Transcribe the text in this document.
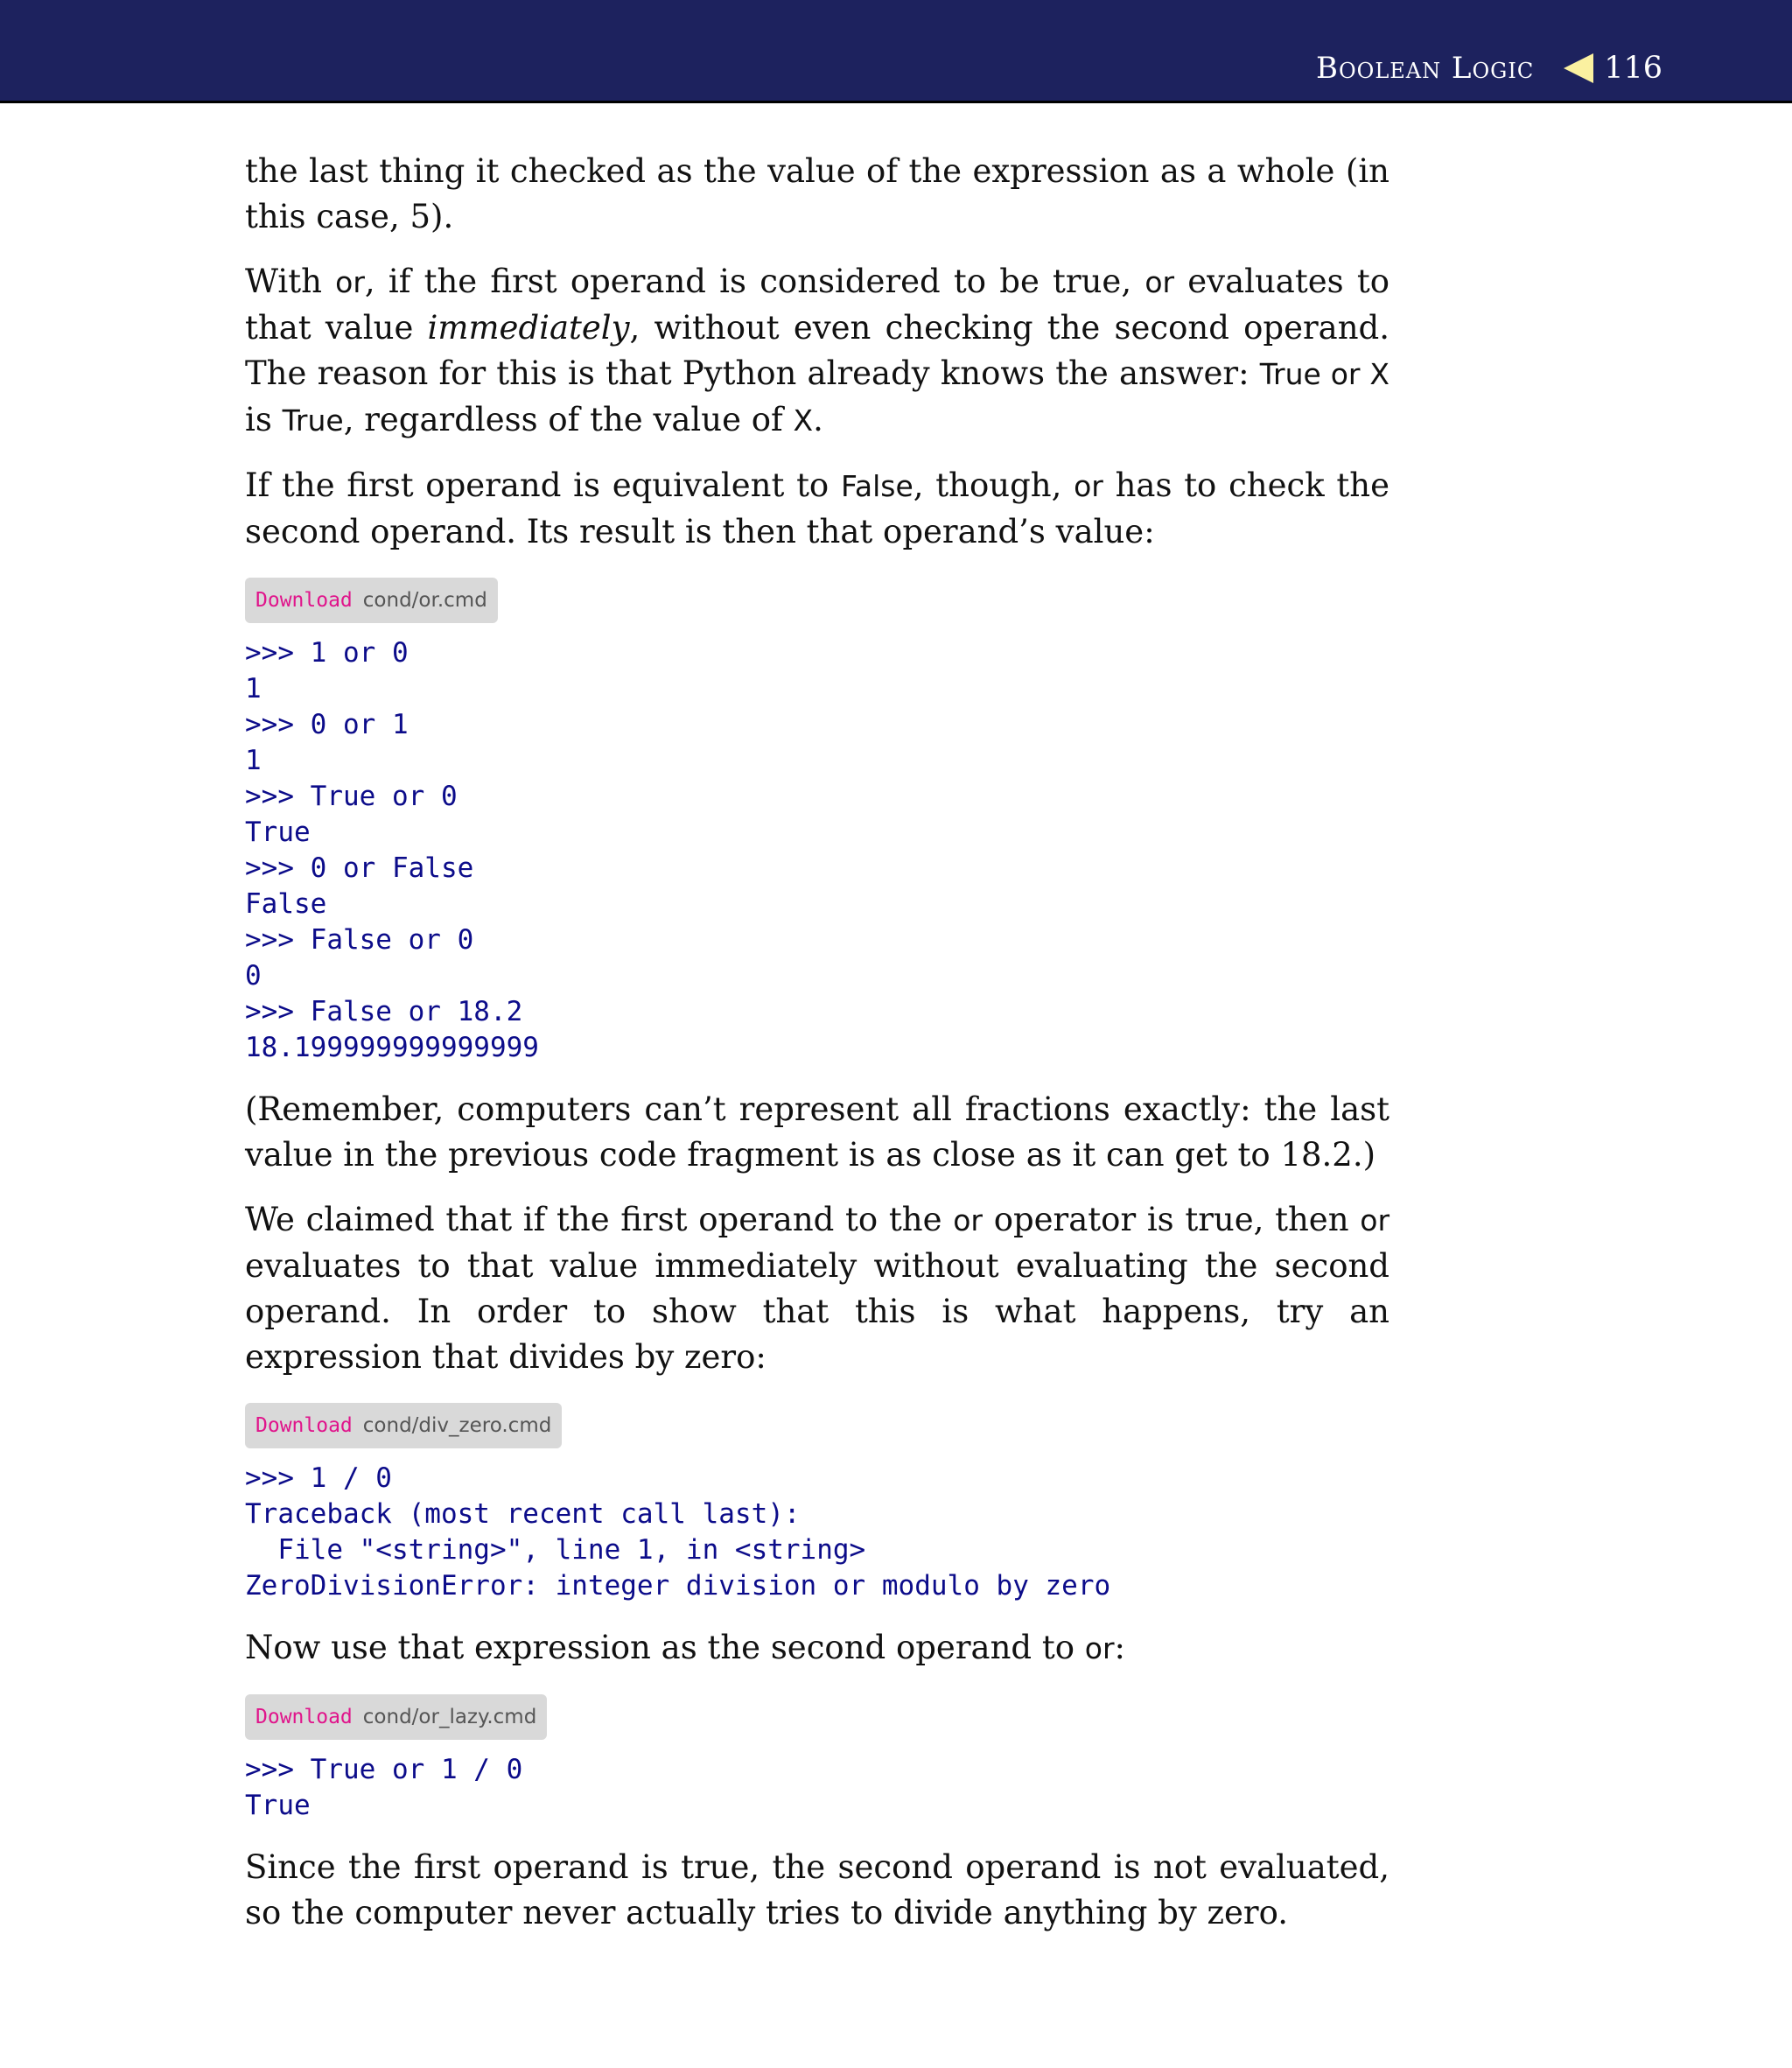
Boolean Logic 116

the last thing it checked as the value of the expression as a whole (in this case, 5).

With or, if the first operand is considered to be true, or evaluates to that value immediately, without even checking the second operand. The reason for this is that Python already knows the answer: True or X is True, regardless of the value of X.

If the first operand is equivalent to False, though, or has to check the second operand. Its result is then that operand’s value:

Download cond/or.cmd
>>> 1 or 0
1
>>> 0 or 1
1
>>> True or 0
True
>>> 0 or False
False
>>> False or 0
0
>>> False or 18.2
18.199999999999999

(Remember, computers can’t represent all fractions exactly: the last value in the previous code fragment is as close as it can get to 18.2.)

We claimed that if the first operand to the or operator is true, then or evaluates to that value immediately without evaluating the second operand. In order to show that this is what happens, try an expression that divides by zero:

Download cond/div_zero.cmd
>>> 1 / 0
Traceback (most recent call last):
File "<string>", line 1, in <string>
ZeroDivisionError: integer division or modulo by zero

Now use that expression as the second operand to or:

Download cond/or_lazy.cmd
>>> True or 1 / 0
True

Since the first operand is true, the second operand is not evaluated, so the computer never actually tries to divide anything by zero.
